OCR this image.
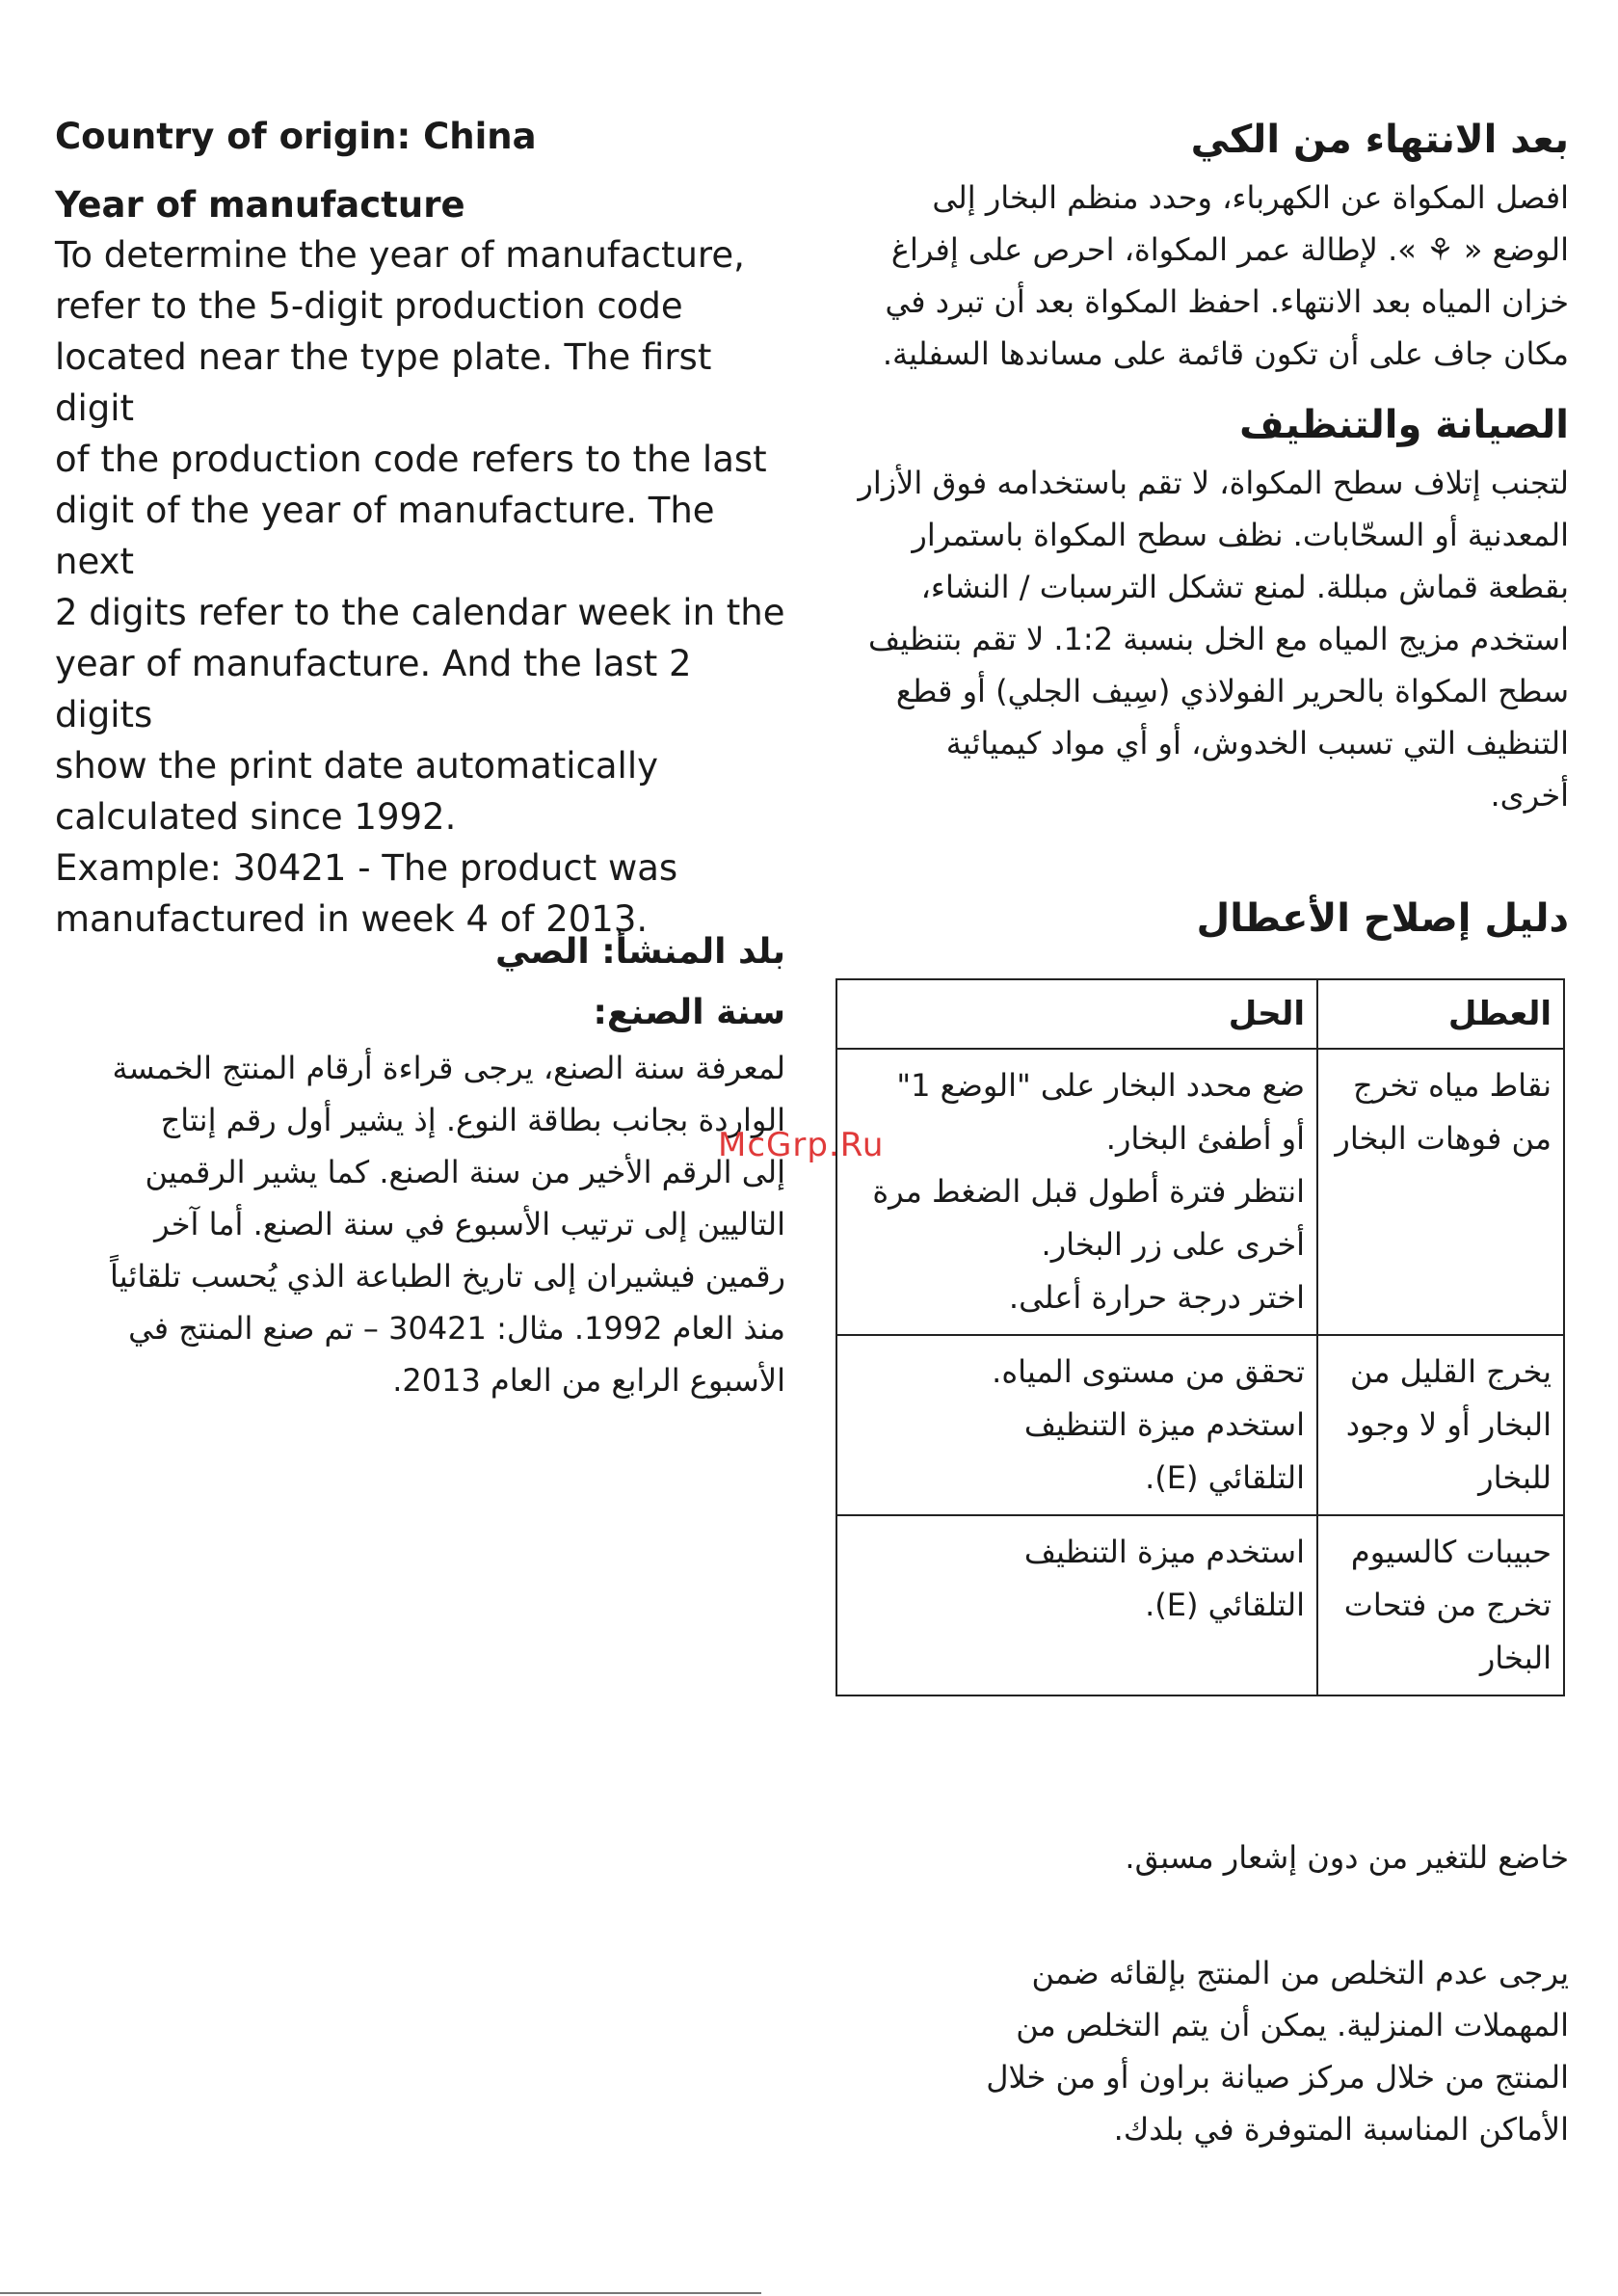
Country of origin: China

Year of manufacture

To determine the year of manufacture,

refer to the 5-digit production code

located near the type plate. The first digit

of the production code refers to the last

digit of the year of manufacture. The next

2 digits refer to the calendar week in the

year of manufacture. And the last 2 digits

show the print date automatically

calculated since 1992.

Example: 30421 - The product was

manufactured in week 4 of 2013.

بلد المنشأ: الصي

سنة الصنع:

لمعرفة سنة الصنع، يرجى قراءة أرقام المنتج الخمسة

الواردة بجانب بطاقة النوع. إذ يشير أول رقم إنتاج

إلى الرقم الأخير من سنة الصنع. كما يشير الرقمين

التاليين إلى ترتيب الأسبوع في سنة الصنع. أما آخر

رقمين فيشيران إلى تاريخ الطباعة الذي يُحسب تلقائياً

منذ العام 1992. مثال: 30421 – تم صنع المنتج في

الأسبوع الرابع من العام 2013.

بعد الانتهاء من الكي

افصل المكواة عن الكهرباء، وحدد منظم البخار إلى

الوضع « ⚘ ». لإطالة عمر المكواة، احرص على إفراغ

خزان المياه بعد الانتهاء. احفظ المكواة بعد أن تبرد في

مكان جاف على أن تكون قائمة على مساندها السفلية.

الصيانة والتنظيف

لتجنب إتلاف سطح المكواة، لا تقم باستخدامه فوق الأزار

المعدنية أو السحّابات. نظف سطح المكواة باستمرار

بقطعة قماش مبللة. لمنع تشكل الترسبات / النشاء،

استخدم مزيج المياه مع الخل بنسبة 1:2. لا تقم بتنظيف

سطح المكواة بالحرير الفولاذي (سِيف الجلي) أو قطع

التنظيف التي تسبب الخدوش، أو أي مواد كيميائية

أخرى.

دليل إصلاح الأعطال
العطل	الحل

نقاط مياه تخرج
من فوهات البخار	ضع محدد البخار على "الوضع 1"
أو أطفئ البخار.
انتظر فترة أطول قبل الضغط مرة
أخرى على زر البخار.
اختر درجة حرارة أعلى.

يخرج القليل من
البخار أو لا وجود
للبخار	تحقق من مستوى المياه.
استخدم ميزة التنظيف
التلقائي (E).

حبيبات كالسيوم
تخرج من فتحات
البخار	استخدم ميزة التنظيف
التلقائي (E).
خاضع للتغير من دون إشعار مسبق.
يرجى عدم التخلص من المنتج بإلقائه ضمن
المهملات المنزلية. يمكن أن يتم التخلص من
المنتج من خلال مركز صيانة براون أو من خلال
الأماكن المناسبة المتوفرة في بلدك.
McGrp.Ru
